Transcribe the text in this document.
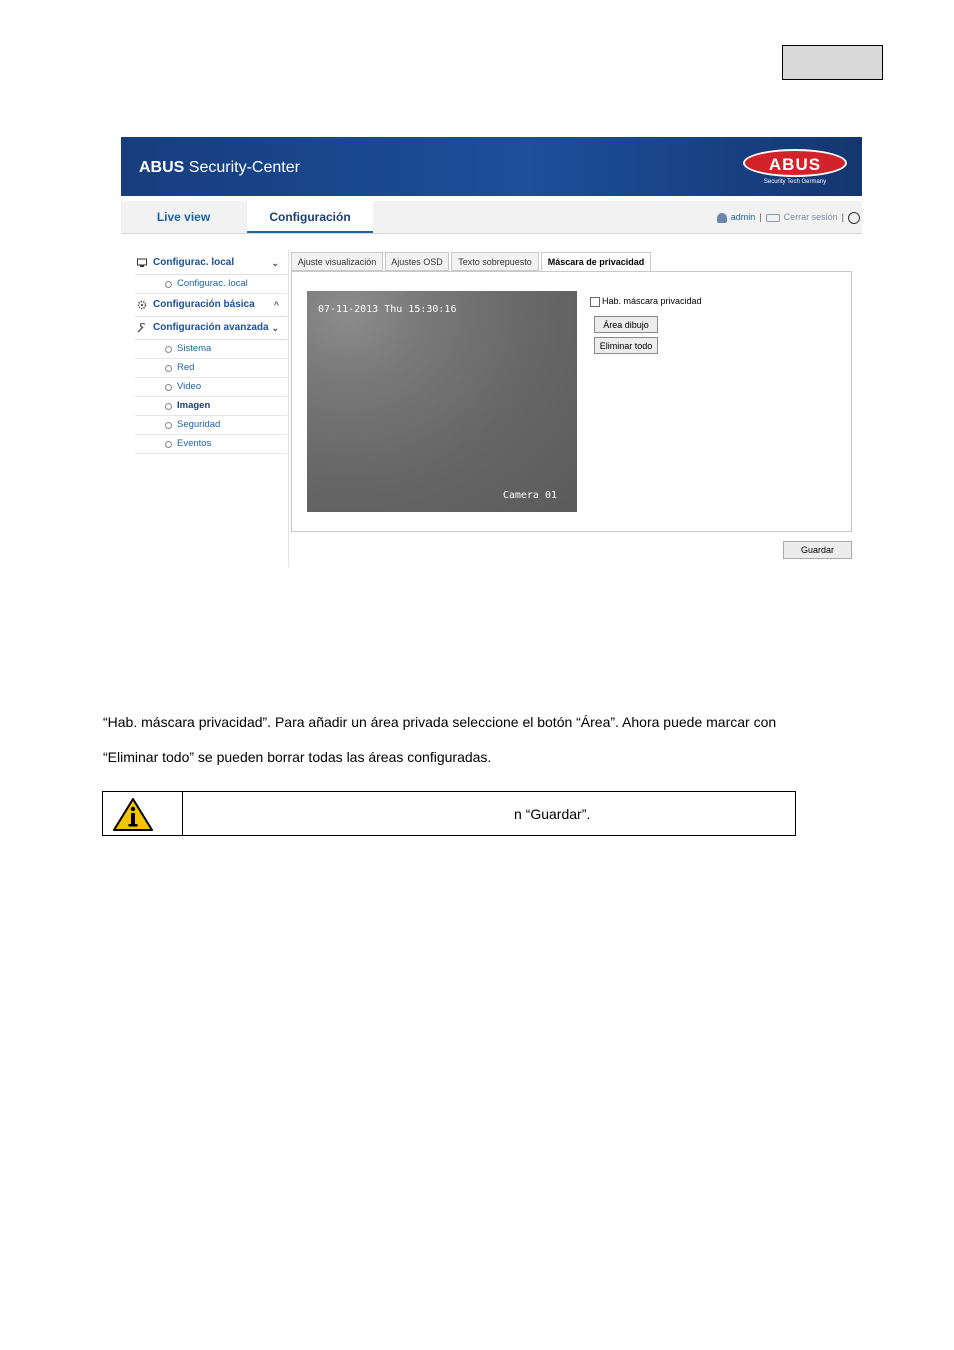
ABUS Security-Center	ABUS
Security Tech Germany
Live view	Configuración	admin | Cerrar sesión |
Configurac. local	⌄
Configurac. local
Configuración básica ^
Configuración avanzada ⌄
Sistema
Red
Video
Imagen
Seguridad
Eventos
Ajuste visualización	Ajustes OSD	Texto sobrepuesto	Máscara de privacidad
07-11-2013 Thu 15:30:16
Camera 01
Hab. máscara privacidad
Área dibujo
Eliminar todo
Guardar
“Hab. máscara privacidad”. Para añadir un área privada seleccione el botón “Área”. Ahora puede marcar con
“Eliminar todo” se pueden borrar todas las áreas configuradas.
n “Guardar”.
